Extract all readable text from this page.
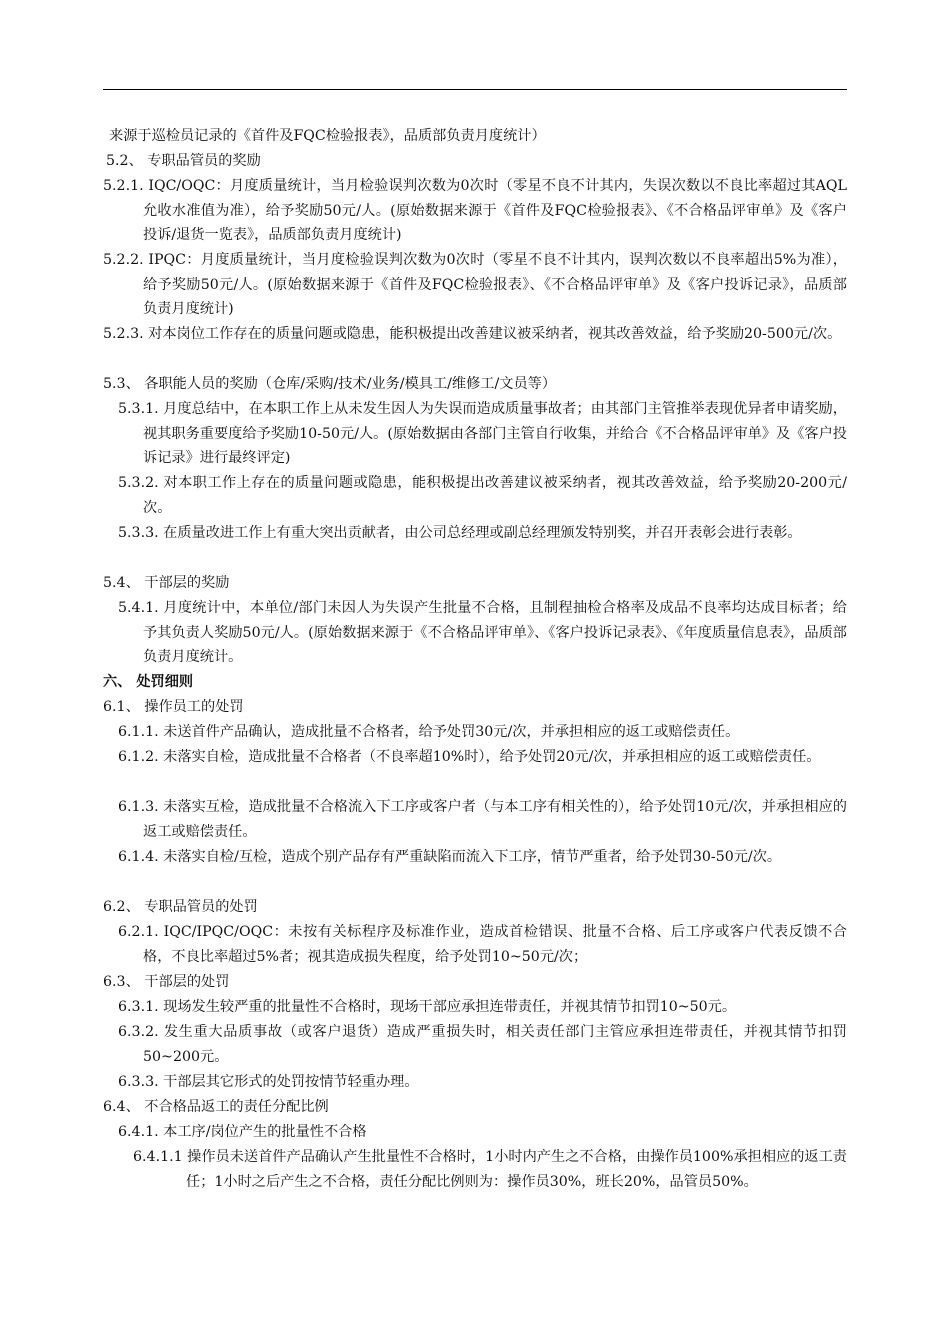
来源于巡检员记录的《首件及FQC检验报表》，品质部负责月度统计）

5.2、 专职品管员的奖励

5.2.1. IQC/OQC：月度质量统计，当月检验误判次数为0次时（零星不良不计其内，失误次数以不良比率超过其AQL允收水准值为准），给予奖励50元/人。(原始数据来源于《首件及FQC检验报表》、《不合格品评审单》及《客户投诉/退货一览表》，品质部负责月度统计)

5.2.2. IPQC：月度质量统计，当月度检验误判次数为0次时（零星不良不计其内，误判次数以不良率超出5%为准），给予奖励50元/人。(原始数据来源于《首件及FQC检验报表》、《不合格品评审单》及《客户投诉记录》，品质部负责月度统计)

5.2.3. 对本岗位工作存在的质量问题或隐患，能积极提出改善建议被采纳者，视其改善效益，给予奖励20-500元/次。

5.3、 各职能人员的奖励（仓库/采购/技术/业务/模具工/维修工/文员等）

5.3.1. 月度总结中，在本职工作上从未发生因人为失误而造成质量事故者；由其部门主管推举表现优异者申请奖励，视其职务重要度给予奖励10-50元/人。(原始数据由各部门主管自行收集，并给合《不合格品评审单》及《客户投诉记录》进行最终评定)

5.3.2. 对本职工作上存在的质量问题或隐患，能积极提出改善建议被采纳者，视其改善效益，给予奖励20-200元/次。

5.3.3. 在质量改进工作上有重大突出贡献者，由公司总经理或副总经理颁发特别奖，并召开表彰会进行表彰。

5.4、 干部层的奖励

5.4.1. 月度统计中，本单位/部门未因人为失误产生批量不合格，且制程抽检合格率及成品不良率均达成目标者；给予其负责人奖励50元/人。(原始数据来源于《不合格品评审单》、《客户投诉记录表》、《年度质量信息表》，品质部负责月度统计。

六、 处罚细则

6.1、 操作员工的处罚

6.1.1. 未送首件产品确认，造成批量不合格者，给予处罚30元/次，并承担相应的返工或赔偿责任。

6.1.2. 未落实自检，造成批量不合格者（不良率超10%时），给予处罚20元/次，并承担相应的返工或赔偿责任。

6.1.3. 未落实互检，造成批量不合格流入下工序或客户者（与本工序有相关性的），给予处罚10元/次，并承担相应的返工或赔偿责任。

6.1.4. 未落实自检/互检，造成个别产品存有严重缺陷而流入下工序，情节严重者，给予处罚30-50元/次。

6.2、 专职品管员的处罚

6.2.1. IQC/IPQC/OQC：未按有关标程序及标准作业，造成首检错误、批量不合格、后工序或客户代表反馈不合格，不良比率超过5%者；视其造成损失程度，给予处罚10~50元/次；

6.3、 干部层的处罚

6.3.1. 现场发生较严重的批量性不合格时，现场干部应承担连带责任，并视其情节扣罚10~50元。

6.3.2. 发生重大品质事故（或客户退货）造成严重损失时，相关责任部门主管应承担连带责任，并视其情节扣罚50~200元。

6.3.3. 干部层其它形式的处罚按情节轻重办理。

6.4、 不合格品返工的责任分配比例

6.4.1. 本工序/岗位产生的批量性不合格

6.4.1.1 操作员未送首件产品确认产生批量性不合格时，1小时内产生之不合格，由操作员100%承担相应的返工责任；1小时之后产生之不合格，责任分配比例则为：操作员30%，班长20%，品管员50%。
